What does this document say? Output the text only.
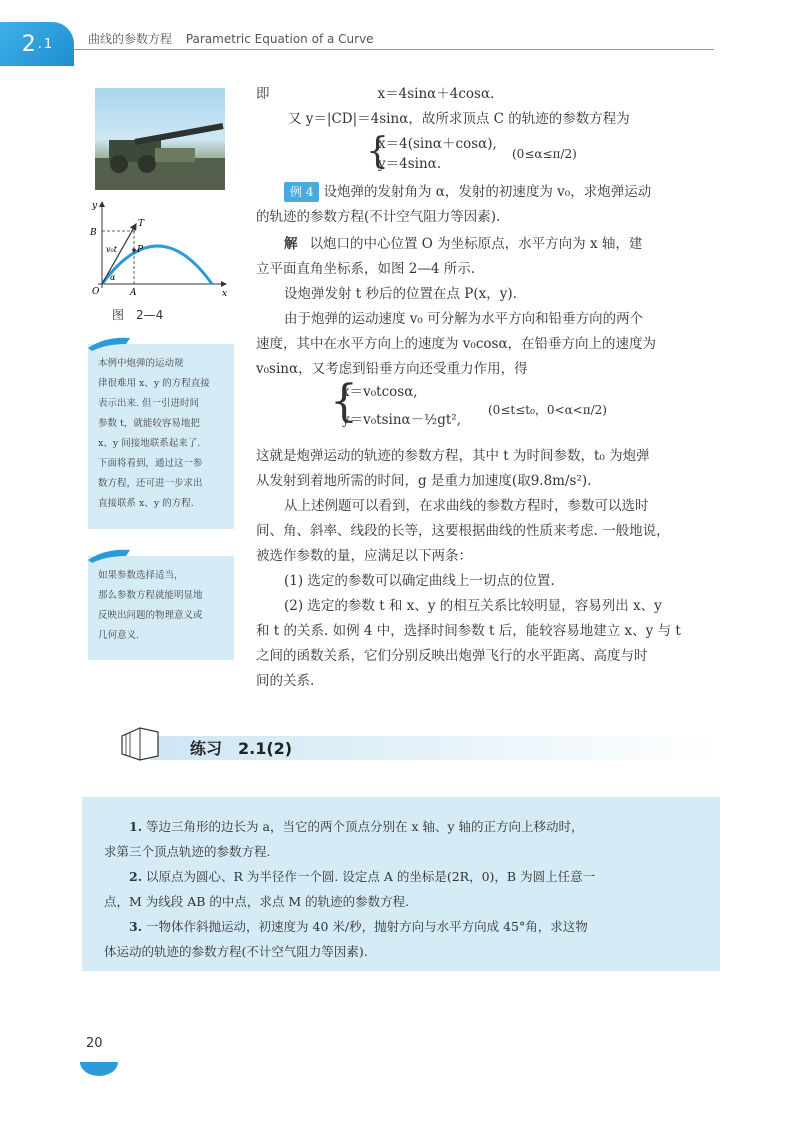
2 . 1	曲线的参数方程 Parametric Equation of a Curve
y
x
B
T
P
O	A
v₀t
α
图　2—4
本例中炮弹的运动规
律很难用 x、y 的方程直接
表示出来. 但一引进时间
参数 t，就能较容易地把
x、y 间接地联系起来了.
下面将看到，通过这一参
数方程，还可进一步求出
直接联系 x、y 的方程.
如果参数选择适当，
那么参数方程就能明显地
反映出问题的物理意义或
几何意义.
即	x＝4sinα＋4cosα.
又 y＝|CD|＝4sinα，故所求顶点 C 的轨迹的参数方程为
{
x＝4(sinα＋cosα),
y＝4sinα.
(0≤α≤π/2)
例 4 设炮弹的发射角为 α，发射的初速度为 v₀，求炮弹运动
的轨迹的参数方程(不计空气阻力等因素).
解 以炮口的中心位置 O 为坐标原点，水平方向为 x 轴，建
立平面直角坐标系，如图 2—4 所示.
设炮弹发射 t 秒后的位置在点 P(x，y).
由于炮弹的运动速度 v₀ 可分解为水平方向和铅垂方向的两个
速度，其中在水平方向上的速度为 v₀cosα，在铅垂方向上的速度为
v₀sinα，又考虑到铅垂方向还受重力作用，得
{
x＝v₀tcosα,
y＝v₀tsinα－½gt²,
(0≤t≤t₀，0<α<π/2)
这就是炮弹运动的轨迹的参数方程，其中 t 为时间参数，t₀ 为炮弹
从发射到着地所需的时间，g 是重力加速度(取9.8m/s²).
从上述例题可以看到，在求曲线的参数方程时，参数可以选时
间、角、斜率、线段的长等，这要根据曲线的性质来考虑. 一般地说，
被选作参数的量，应满足以下两条：
(1) 选定的参数可以确定曲线上一切点的位置.
(2) 选定的参数 t 和 x、y 的相互关系比较明显，容易列出 x、y
和 t 的关系. 如例 4 中，选择时间参数 t 后，能较容易地建立 x、y 与 t
之间的函数关系，它们分别反映出炮弹飞行的水平距离、高度与时
间的关系.
练习　2.1(2)

1. 等边三角形的边长为 a，当它的两个顶点分别在 x 轴、y 轴的正方向上移动时，

求第三个顶点轨迹的参数方程.

2. 以原点为圆心、R 为半径作一个圆. 设定点 A 的坐标是(2R，0)，B 为圆上任意一

点，M 为线段 AB 的中点，求点 M 的轨迹的参数方程.

3. 一物体作斜抛运动，初速度为 40 米/秒，抛射方向与水平方向成 45°角，求这物

体运动的轨迹的参数方程(不计空气阻力等因素).

20
